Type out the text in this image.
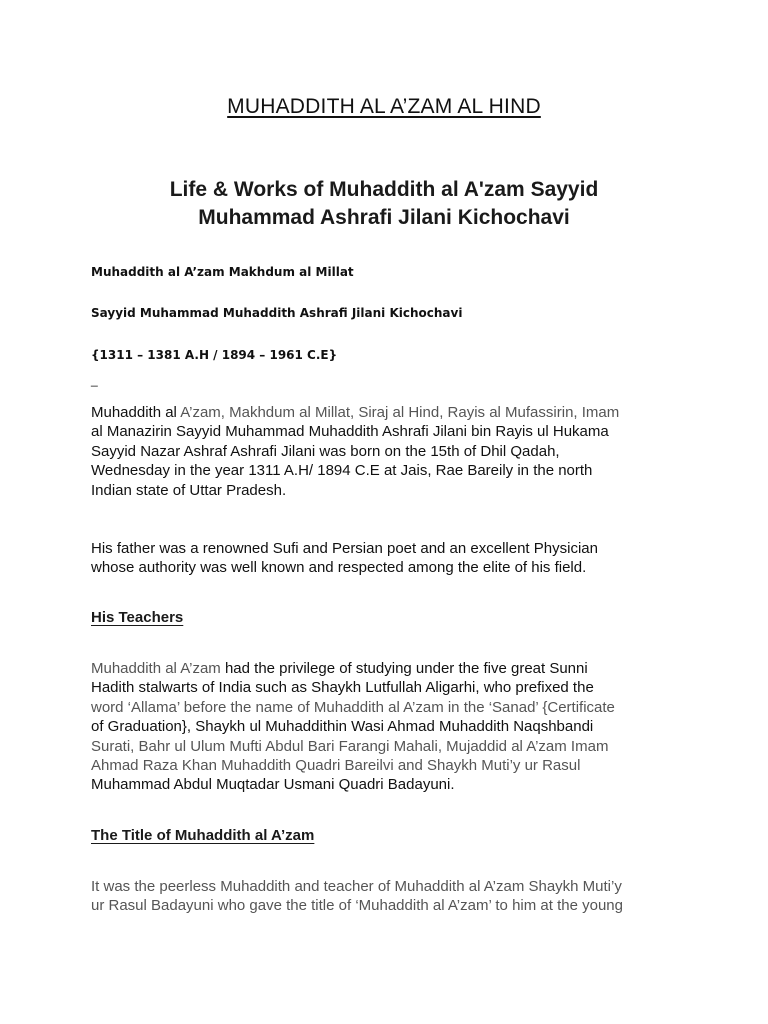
MUHADDITH AL A’ZAM AL HIND
Life & Works of Muhaddith al A'zam Sayyid
Muhammad Ashrafi Jilani Kichochavi
Muhaddith al A’zam Makhdum al Millat
Sayyid Muhammad Muhaddith Ashrafi Jilani Kichochavi
{1311 – 1381 A.H / 1894 – 1961 C.E}
_
Muhaddith al A’zam, Makhdum al Millat, Siraj al Hind, Rayis al Mufassirin, Imam
al Manazirin Sayyid Muhammad Muhaddith Ashrafi Jilani bin Rayis ul Hukama
Sayyid Nazar Ashraf Ashrafi Jilani was born on the 15th of Dhil Qadah,
Wednesday in the year 1311 A.H/ 1894 C.E at Jais, Rae Bareily in the north
Indian state of Uttar Pradesh.
His father was a renowned Sufi and Persian poet and an excellent Physician
whose authority was well known and respected among the elite of his field.
His Teachers
Muhaddith al A’zam had the privilege of studying under the five great Sunni
Hadith stalwarts of India such as Shaykh Lutfullah Aligarhi, who prefixed the
word ‘Allama’ before the name of Muhaddith al A’zam in the ‘Sanad’ {Certificate
of Graduation}, Shaykh ul Muhaddithin Wasi Ahmad Muhaddith Naqshbandi
Surati, Bahr ul Ulum Mufti Abdul Bari Farangi Mahali, Mujaddid al A’zam Imam
Ahmad Raza Khan Muhaddith Quadri Bareilvi and Shaykh Muti’y ur Rasul
Muhammad Abdul Muqtadar Usmani Quadri Badayuni.
The Title of Muhaddith al A’zam
It was the peerless Muhaddith and teacher of Muhaddith al A’zam Shaykh Muti’y
ur Rasul Badayuni who gave the title of ‘Muhaddith al A’zam’ to him at the young
